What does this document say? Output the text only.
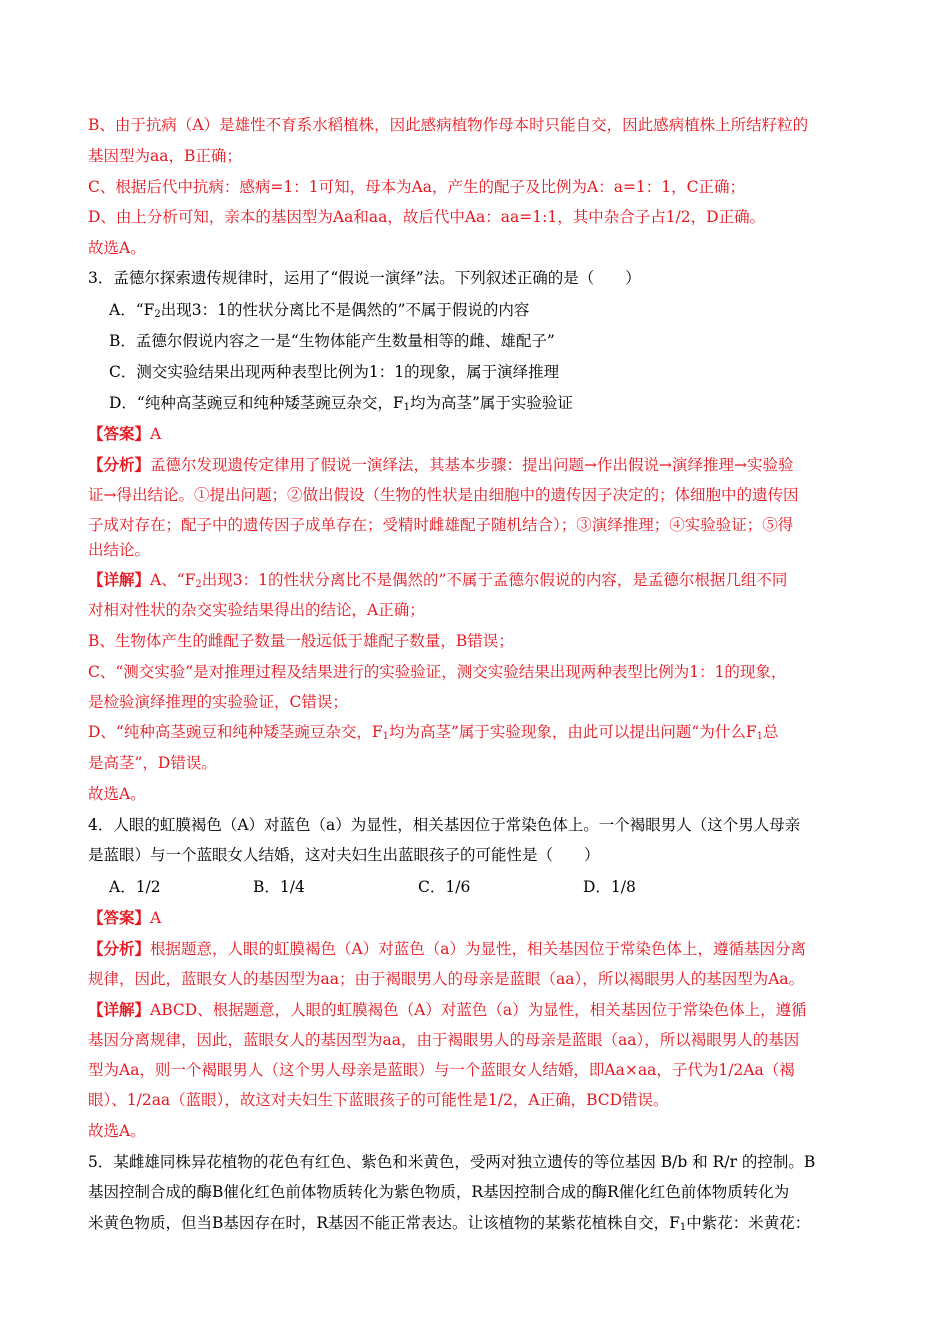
B、由于抗病（A）是雄性不育系水稻植株，因此感病植物作母本时只能自交，因此感病植株上所结籽粒的
基因型为aa，B正确；
C、根据后代中抗病：感病=1：1可知，母本为Aa，产生的配子及比例为A：a=1：1，C正确；
D、由上分析可知，亲本的基因型为Aa和aa，故后代中Aa：aa=1:1，其中杂合子占1/2，D正确。
故选A。
3．孟德尔探索遗传规律时，运用了“假说一演绎”法。下列叙述正确的是（　　）
A．“$F_2$出现3：1的性状分离比不是偶然的”不属于假说的内容
B．孟德尔假说内容之一是“生物体能产生数量相等的雌、雄配子”
C．测交实验结果出现两种表型比例为1：1的现象，属于演绎推理
D．“纯种高茎豌豆和纯种矮茎豌豆杂交，$F_1$均为高茎”属于实验验证
【答案】A
【分析】孟德尔发现遗传定律用了假说一演绎法，其基本步骤：提出问题→作出假说→演绎推理→实验验
证→得出结论。①提出问题；②做出假设（生物的性状是由细胞中的遗传因子决定的；体细胞中的遗传因
子成对存在；配子中的遗传因子成单存在；受精时雌雄配子随机结合）；③演绎推理；④实验验证；⑤得
出结论。
【详解】A、“$F_2$出现3：1的性状分离比不是偶然的”不属于孟德尔假说的内容，是孟德尔根据几组不同
对相对性状的杂交实验结果得出的结论，A正确；
B、生物体产生的雌配子数量一般远低于雄配子数量，B错误；
C、“测交实验”是对推理过程及结果进行的实验验证，测交实验结果出现两种表型比例为1：1的现象，
是检验演绎推理的实验验证，C错误；
D、“纯种高茎豌豆和纯种矮茎豌豆杂交，$F_1$均为高茎”属于实验现象，由此可以提出问题“为什么$F_1$总
是高茎”，D错误。
故选A。
4．人眼的虹膜褐色（A）对蓝色（a）为显性，相关基因位于常染色体上。一个褐眼男人（这个男人母亲
是蓝眼）与一个蓝眼女人结婚，这对夫妇生出蓝眼孩子的可能性是（　　）
A．1/2	B．1/4	C．1/6	D．1/8
【答案】A
【分析】根据题意，人眼的虹膜褐色（A）对蓝色（a）为显性，相关基因位于常染色体上，遵循基因分离
规律，因此，蓝眼女人的基因型为aa；由于褐眼男人的母亲是蓝眼（aa），所以褐眼男人的基因型为Aa。
【详解】ABCD、根据题意，人眼的虹膜褐色（A）对蓝色（a）为显性，相关基因位于常染色体上，遵循
基因分离规律，因此，蓝眼女人的基因型为aa，由于褐眼男人的母亲是蓝眼（aa），所以褐眼男人的基因
型为Aa，则一个褐眼男人（这个男人母亲是蓝眼）与一个蓝眼女人结婚，即Aa×aa，子代为1/2Aa（褐
眼）、1/2aa（蓝眼），故这对夫妇生下蓝眼孩子的可能性是1/2，A正确，BCD错误。
故选A。
5．某雌雄同株异花植物的花色有红色、紫色和米黄色，受两对独立遗传的等位基因 B/b 和 R/r 的控制。B
基因控制合成的酶B催化红色前体物质转化为紫色物质，R基因控制合成的酶R催化红色前体物质转化为
米黄色物质，但当B基因存在时，R基因不能正常表达。让该植物的某紫花植株自交，$F_1$中紫花：米黄花：
